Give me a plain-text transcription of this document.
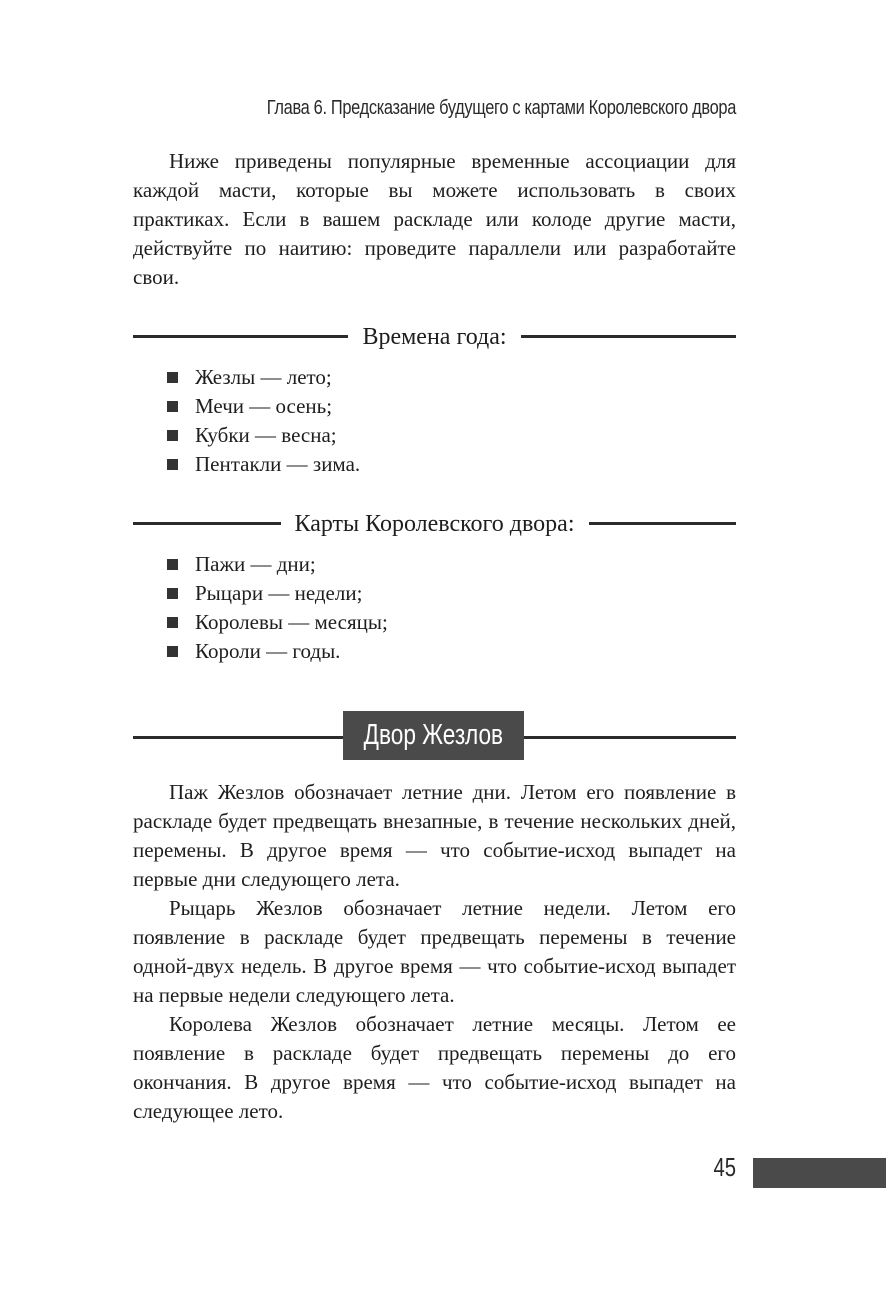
Глава 6. Предсказание будущего с картами Королевского двора

Ниже приведены популярные временные ассоциации для каждой масти, которые вы можете использовать в своих практиках. Если в вашем раскладе или колоде другие масти, действуйте по наитию: проведите параллели или разработайте свои.

Времена года:
Жезлы — лето;
Мечи — осень;
Кубки — весна;
Пентакли — зима.
Карты Королевского двора:
Пажи — дни;
Рыцари — недели;
Королевы — месяцы;
Короли — годы.
Двор Жезлов

Паж Жезлов обозначает летние дни. Летом его появление в раскладе будет предвещать внезапные, в течение нескольких дней, перемены. В другое время — что событие-исход выпадет на первые дни следующего лета.

Рыцарь Жезлов обозначает летние недели. Летом его появление в раскладе будет предвещать перемены в течение одной-двух недель. В другое время — что событие-исход выпадет на первые недели следующего лета.

Королева Жезлов обозначает летние месяцы. Летом ее появление в раскладе будет предвещать перемены до его окончания. В другое время — что событие-исход выпадет на следующее лето.

45
